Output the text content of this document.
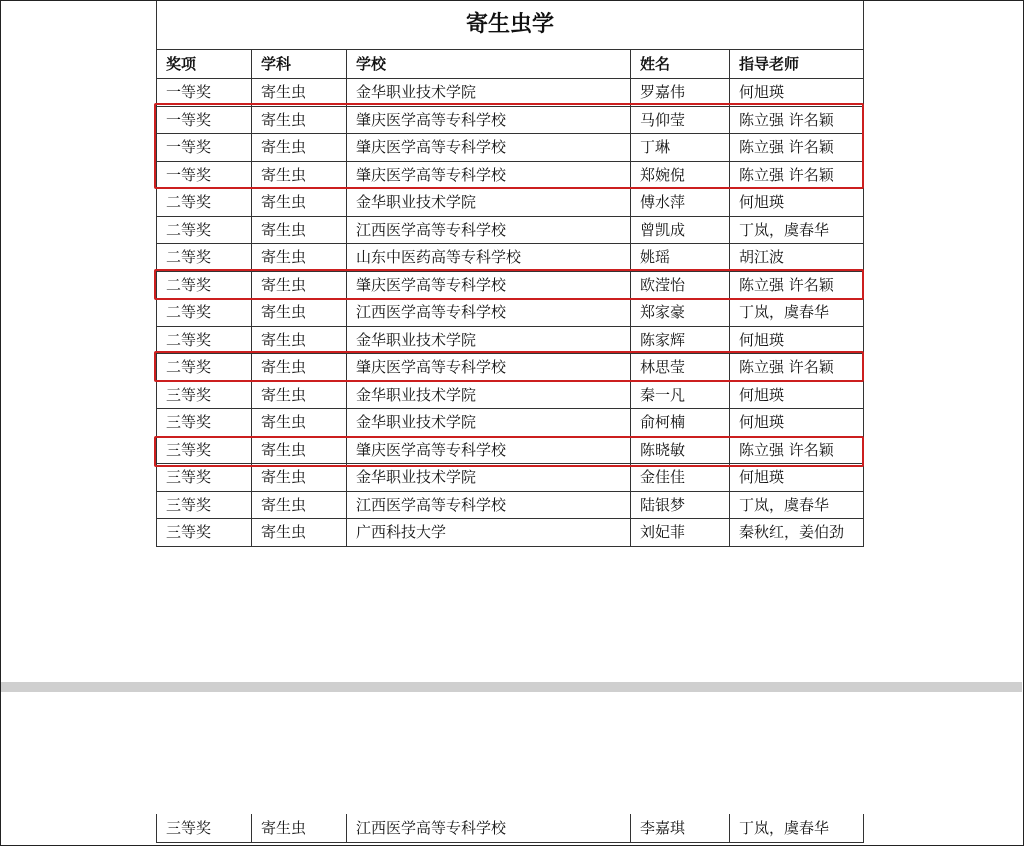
寄生虫学				
奖项	学科	学校	姓名	指导老师
一等奖	寄生虫	金华职业技术学院	罗嘉伟	何旭瑛
一等奖	寄生虫	肇庆医学高等专科学校	马仰莹	陈立强 许名颖
一等奖	寄生虫	肇庆医学高等专科学校	丁琳	陈立强 许名颖
一等奖	寄生虫	肇庆医学高等专科学校	郑婉倪	陈立强 许名颖
二等奖	寄生虫	金华职业技术学院	傅水萍	何旭瑛
二等奖	寄生虫	江西医学高等专科学校	曾凯成	丁岚，虞春华
二等奖	寄生虫	山东中医药高等专科学校	姚瑶	胡江波
二等奖	寄生虫	肇庆医学高等专科学校	欧滢怡	陈立强 许名颖
二等奖	寄生虫	江西医学高等专科学校	郑家豪	丁岚，虞春华
二等奖	寄生虫	金华职业技术学院	陈家辉	何旭瑛
二等奖	寄生虫	肇庆医学高等专科学校	林思莹	陈立强 许名颖
三等奖	寄生虫	金华职业技术学院	秦一凡	何旭瑛
三等奖	寄生虫	金华职业技术学院	俞柯楠	何旭瑛
三等奖	寄生虫	肇庆医学高等专科学校	陈晓敏	陈立强 许名颖
三等奖	寄生虫	金华职业技术学院	金佳佳	何旭瑛
三等奖	寄生虫	江西医学高等专科学校	陆银梦	丁岚，虞春华
三等奖	寄生虫	广西科技大学	刘妃菲	秦秋红，姜伯劲
三等奖	寄生虫	江西医学高等专科学校	李嘉琪	丁岚，虞春华
